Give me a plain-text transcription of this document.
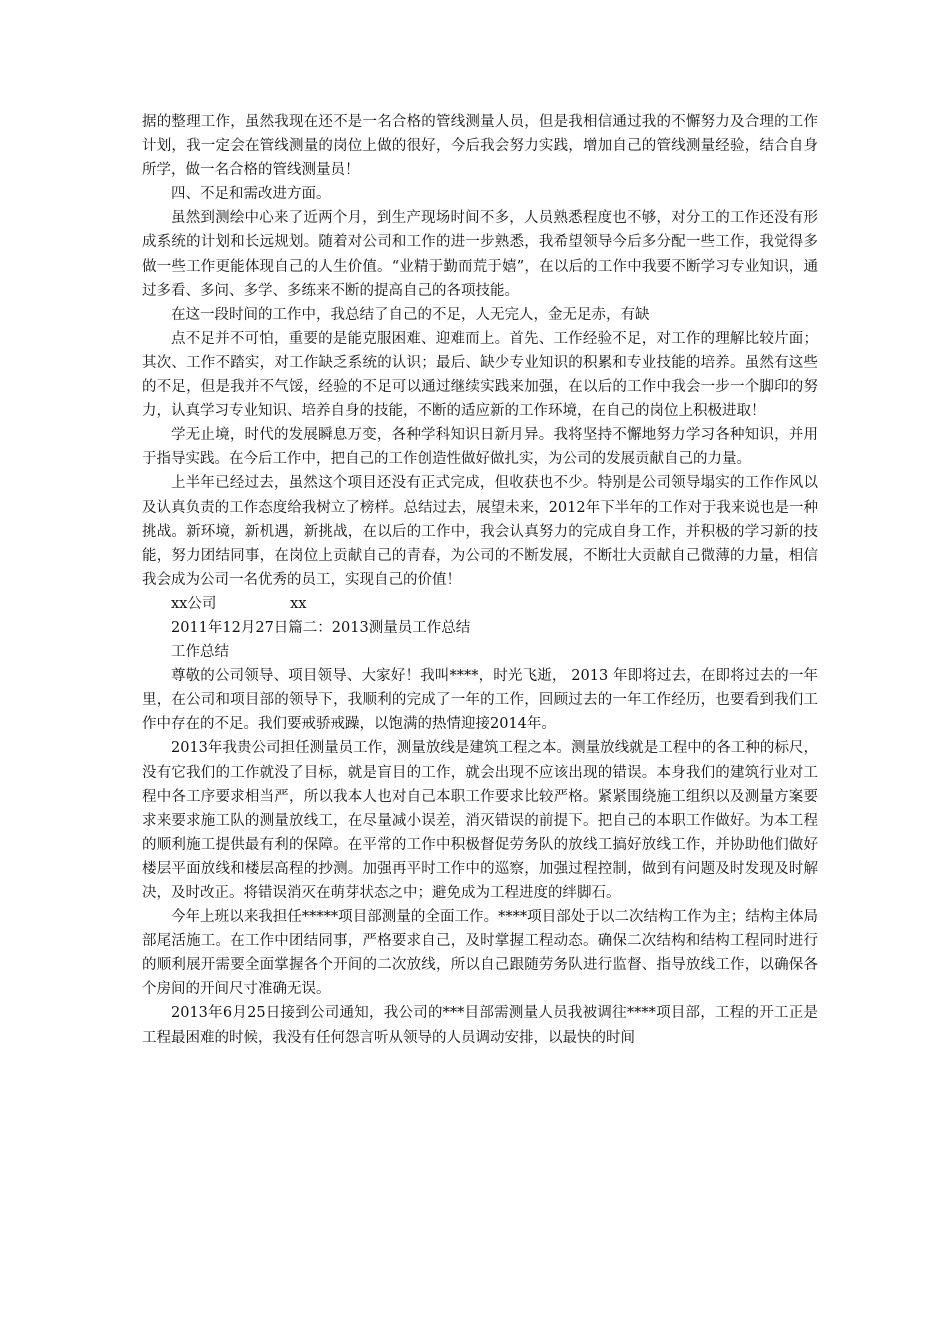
据的整理工作，虽然我现在还不是一名合格的管线测量人员，但是我相信通过我的不懈努力及合理的工作计划，我一定会在管线测量的岗位上做的很好，今后我会努力实践，增加自己的管线测量经验，结合自身所学，做一名合格的管线测量员！

四、不足和需改进方面。

虽然到测绘中心来了近两个月，到生产现场时间不多，人员熟悉程度也不够，对分工的工作还没有形成系统的计划和长远规划。随着对公司和工作的进一步熟悉，我希望领导今后多分配一些工作，我觉得多做一些工作更能体现自己的人生价值。“业精于勤而荒于嬉”，在以后的工作中我要不断学习专业知识，通过多看、多问、多学、多练来不断的提高自己的各项技能。

在这一段时间的工作中，我总结了自己的不足，人无完人，金无足赤，有缺

点不足并不可怕，重要的是能克服困难、迎难而上。首先、工作经验不足，对工作的理解比较片面；其次、工作不踏实，对工作缺乏系统的认识；最后、缺少专业知识的积累和专业技能的培养。虽然有这些的不足，但是我并不气馁，经验的不足可以通过继续实践来加强，在以后的工作中我会一步一个脚印的努力，认真学习专业知识、培养自身的技能，不断的适应新的工作环境，在自己的岗位上积极进取！

学无止境，时代的发展瞬息万变，各种学科知识日新月异。我将坚持不懈地努力学习各种知识，并用于指导实践。在今后工作中，把自己的工作创造性做好做扎实，为公司的发展贡献自己的力量。

上半年已经过去，虽然这个项目还没有正式完成，但收获也不少。特别是公司领导塌实的工作作风以及认真负责的工作态度给我树立了榜样。总结过去，展望未来，2012年下半年的工作对于我来说也是一种挑战。新环境，新机遇，新挑战，在以后的工作中，我会认真努力的完成自身工作，并积极的学习新的技能，努力团结同事，在岗位上贡献自己的青春，为公司的不断发展，不断壮大贡献自己微薄的力量，相信我会成为公司一名优秀的员工，实现自己的价值！

xx公司                xx

2011年12月27日篇二：2013测量员工作总结

工作总结

尊敬的公司领导、项目领导、大家好！我叫****，时光飞逝， 2013 年即将过去，在即将过去的一年里，在公司和项目部的领导下，我顺利的完成了一年的工作，回顾过去的一年工作经历，也要看到我们工作中存在的不足。我们要戒骄戒躁，以饱满的热情迎接2014年。

2013年我贵公司担任测量员工作，测量放线是建筑工程之本。测量放线就是工程中的各工种的标尺，没有它我们的工作就没了目标，就是盲目的工作，就会出现不应该出现的错误。本身我们的建筑行业对工程中各工序要求相当严，所以我本人也对自己本职工作要求比较严格。紧紧围绕施工组织以及测量方案要求来要求施工队的测量放线工，在尽量减小误差，消灭错误的前提下。把自己的本职工作做好。为本工程的顺利施工提供最有利的保障。在平常的工作中积极督促劳务队的放线工搞好放线工作，并协助他们做好楼层平面放线和楼层高程的抄测。加强再平时工作中的巡察，加强过程控制，做到有问题及时发现及时解决，及时改正。将错误消灭在萌芽状态之中；避免成为工程进度的绊脚石。

今年上班以来我担任*****项目部测量的全面工作。****项目部处于以二次结构工作为主；结构主体局部尾活施工。在工作中团结同事，严格要求自己，及时掌握工程动态。确保二次结构和结构工程同时进行的顺利展开需要全面掌握各个开间的二次放线，所以自己跟随劳务队进行监督、指导放线工作，以确保各个房间的开间尺寸准确无误。

2013年6月25日接到公司通知，我公司的***目部需测量人员我被调往****项目部，工程的开工正是工程最困难的时候，我没有任何怨言听从领导的人员调动安排，以最快的时间
